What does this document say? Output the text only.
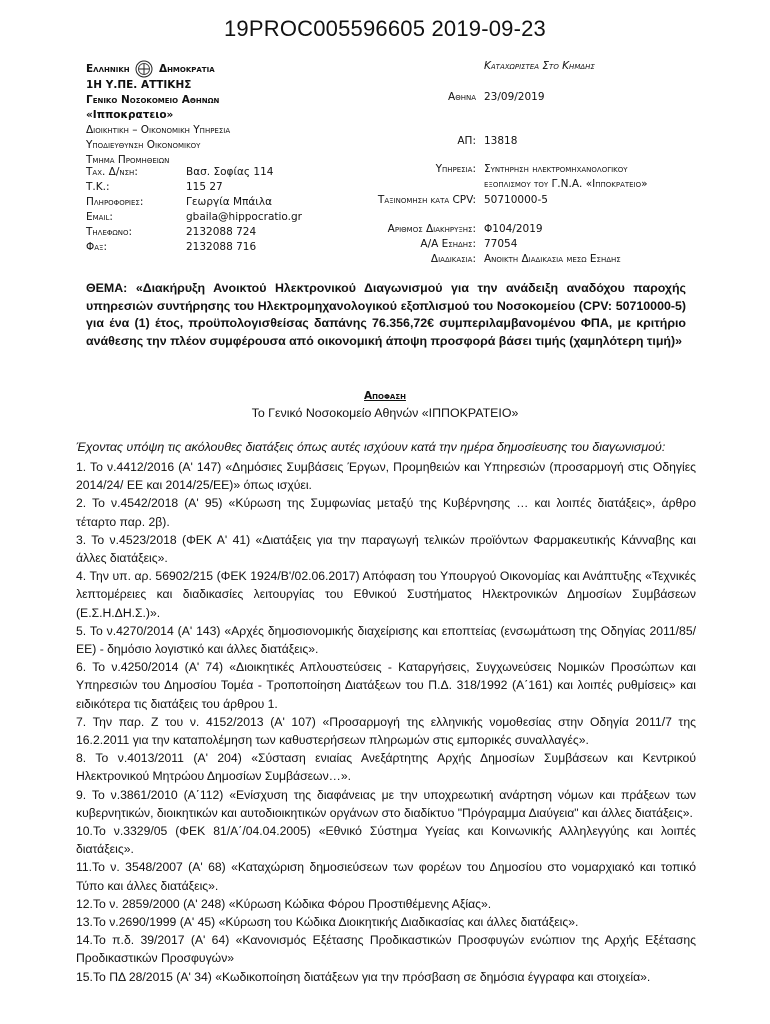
19PROC005596605 2019-09-23
Ελληνικη	Δημοκρατια
1Η Υ.ΠΕ. ΑΤΤΙΚΗΣ
Γενικο Νοσοκομειο Αθηνων
«Ιπποκρατειο»
Διοικητικη – Οικονομικη Υπηρεσια
Υποδιευθυνση Οικονομικου
Τμημα Προμηθειων
Ταχ. Δ/νση:	Βασ. Σοφίας 114
Τ.Κ.:	115 27
Πληροφοριες:	Γεωργία Μπάιλα
Email:	gbaila@hippocratio.gr
Τηλεφωνο:	2132088 724
Φαξ:	2132088 716
Καταχωριστεα Στο Κημδης
Αθηνα 23/09/2019
ΑΠ: 13818
Υπηρεσια: Συντηρηση ηλεκτρομηχανολογικου
εξοπλισμου του Γ.Ν.Α. «Ιπποκρατειο»
Ταξινομηση κατα CPV: 50710000-5
Αριθμος Διακηρυξης: Φ104/2019
Α/Α Εσηδης: 77054
Διαδικασια: Ανοικτη Διαδικασια μεσω Εσηδης
ΘΕΜΑ: «Διακήρυξη Ανοικτού Ηλεκτρονικού Διαγωνισμού για την ανάδειξη αναδόχου παροχής υπηρεσιών συντήρησης του Ηλεκτρομηχανολογικού εξοπλισμού του Νοσοκομείου (CPV: 50710000-5) για ένα (1) έτος, προϋπολογισθείσας δαπάνης 76.356,72€ συμπεριλαμβανομένου ΦΠΑ, με κριτήριο ανάθεσης την πλέον συμφέρουσα από οικονομική άποψη προσφορά βάσει τιμής (χαμηλότερη τιμή)»
Αποφαση
Το Γενικό Νοσοκομείο Αθηνών «ΙΠΠΟΚΡΑΤΕΙΟ»
Έχοντας υπόψη τις ακόλουθες διατάξεις όπως αυτές ισχύουν κατά την ημέρα δημοσίευσης του διαγωνισμού:

1. Το ν.4412/2016 (Α' 147) «Δημόσιες Συμβάσεις Έργων, Προμηθειών και Υπηρεσιών (προσαρμογή στις Οδηγίες 2014/24/ ΕΕ και 2014/25/ΕΕ)» όπως ισχύει.

2. Το ν.4542/2018 (Α' 95) «Κύρωση της Συμφωνίας μεταξύ της Κυβέρνησης … και λοιπές διατάξεις», άρθρο τέταρτο παρ. 2β).

3. Το ν.4523/2018 (ΦΕΚ Α' 41) «Διατάξεις για την παραγωγή τελικών προϊόντων Φαρμακευτικής Κάνναβης και άλλες διατάξεις».

4. Την υπ. αρ. 56902/215 (ΦΕΚ 1924/Β'/02.06.2017) Απόφαση του Υπουργού Οικονομίας και Ανάπτυξης «Τεχνικές λεπτομέρειες και διαδικασίες λειτουργίας του Εθνικού Συστήματος Ηλεκτρονικών Δημοσίων Συμβάσεων (Ε.Σ.Η.ΔΗ.Σ.)».

5. Το ν.4270/2014 (Α' 143) «Αρχές δημοσιονομικής διαχείρισης και εποπτείας (ενσωμάτωση της Οδηγίας 2011/85/ΕΕ) - δημόσιο λογιστικό και άλλες διατάξεις».

6. Το ν.4250/2014 (Α' 74) «Διοικητικές Απλουστεύσεις - Καταργήσεις, Συγχωνεύσεις Νομικών Προσώπων και Υπηρεσιών του Δημοσίου Τομέα - Τροποποίηση Διατάξεων του Π.Δ. 318/1992 (Α΄161) και λοιπές ρυθμίσεις» και ειδικότερα τις διατάξεις του άρθρου 1.

7. Την παρ. Ζ του ν. 4152/2013 (Α' 107) «Προσαρμογή της ελληνικής νομοθεσίας στην Οδηγία 2011/7 της 16.2.2011 για την καταπολέμηση των καθυστερήσεων πληρωμών στις εμπορικές συναλλαγές».

8. Το ν.4013/2011 (Α' 204) «Σύσταση ενιαίας Ανεξάρτητης Αρχής Δημοσίων Συμβάσεων και Κεντρικού Ηλεκτρονικού Μητρώου Δημοσίων Συμβάσεων…».

9. Το ν.3861/2010 (Α΄112) «Ενίσχυση της διαφάνειας με την υποχρεωτική ανάρτηση νόμων και πράξεων των κυβερνητικών, διοικητικών και αυτοδιοικητικών οργάνων στο διαδίκτυο "Πρόγραμμα Διαύγεια" και άλλες διατάξεις».

10.Το ν.3329/05 (ΦΕΚ 81/Α΄/04.04.2005) «Εθνικό Σύστημα Υγείας και Κοινωνικής Αλληλεγγύης και λοιπές διατάξεις».

11.Το ν. 3548/2007 (Α' 68) «Καταχώριση δημοσιεύσεων των φορέων του Δημοσίου στο νομαρχιακό και τοπικό Τύπο και άλλες διατάξεις».

12.Το ν. 2859/2000 (Α' 248) «Κύρωση Κώδικα Φόρου Προστιθέμενης Αξίας».

13.Το ν.2690/1999 (Α' 45) «Κύρωση του Κώδικα Διοικητικής Διαδικασίας και άλλες διατάξεις».

14.Το π.δ. 39/2017 (Α' 64) «Κανονισμός Εξέτασης Προδικαστικών Προσφυγών ενώπιον της Αρχής Εξέτασης Προδικαστικών Προσφυγών»

15.Το ΠΔ 28/2015 (Α' 34) «Κωδικοποίηση διατάξεων για την πρόσβαση σε δημόσια έγγραφα και στοιχεία».
